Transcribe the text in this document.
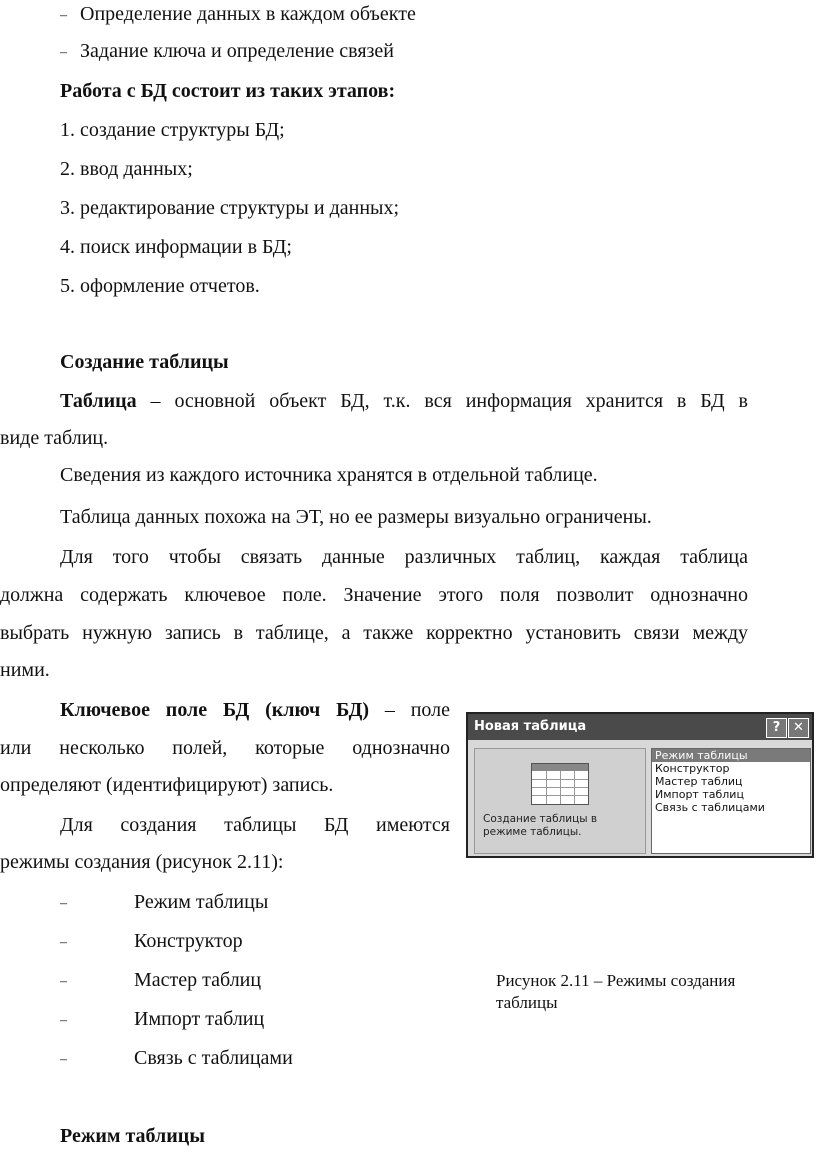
– Определение данных в каждом объекте
– Задание ключа и определение связей
Работа с БД состоит из таких этапов:
1. создание структуры БД;
2. ввод данных;
3. редактирование структуры и данных;
4. поиск информации в БД;
5. оформление отчетов.
Создание таблицы
Таблица – основной объект БД, т.к. вся информация хранится в БД в
виде таблиц.
Сведения из каждого источника хранятся в отдельной таблице.
Таблица данных похожа на ЭТ, но ее размеры визуально ограничены.
Для того чтобы связать данные различных таблиц, каждая таблица
должна содержать ключевое поле. Значение этого поля позволит однозначно
выбрать нужную запись в таблице, а также корректно установить связи между
ними.
Ключевое поле БД (ключ БД) – поле
или несколько полей, которые однозначно
определяют (идентифицируют) запись.
Для создания таблицы БД имеются
режимы создания (рисунок 2.11):
–	Режим таблицы
–	Конструктор
–	Мастер таблиц
–	Импорт таблиц
–	Связь с таблицами
Режим таблицы
Новая таблица	? ✕
Создание таблицы в режиме таблицы.
Режим таблицы
Конструктор
Мастер таблиц
Импорт таблиц
Связь с таблицами
Рисунок 2.11 – Режимы создания таблицы
